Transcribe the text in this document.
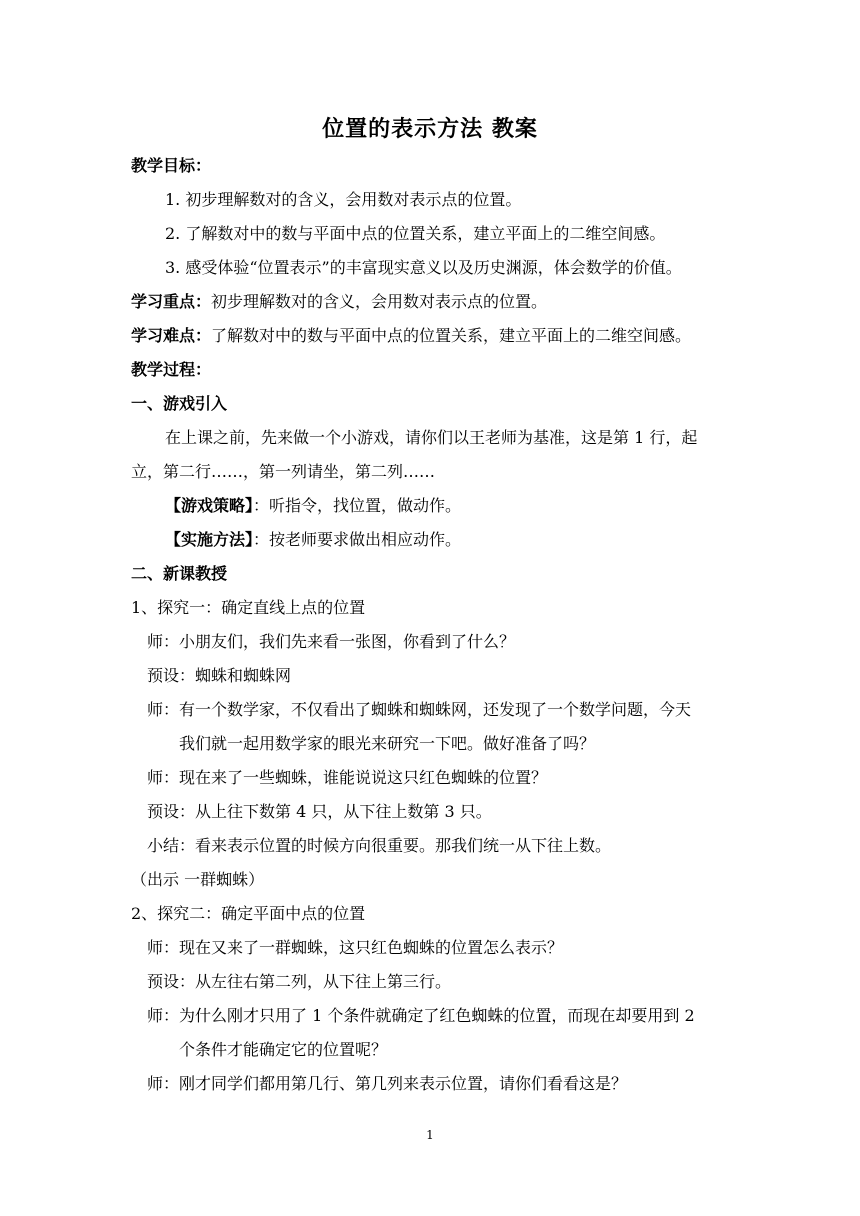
位置的表示方法 教案
教学目标：
1. 初步理解数对的含义，会用数对表示点的位置。
2. 了解数对中的数与平面中点的位置关系，建立平面上的二维空间感。
3. 感受体验“位置表示”的丰富现实意义以及历史渊源，体会数学的价值。
学习重点：初步理解数对的含义，会用数对表示点的位置。
学习难点：了解数对中的数与平面中点的位置关系，建立平面上的二维空间感。
教学过程：
一、游戏引入
在上课之前，先来做一个小游戏，请你们以王老师为基准，这是第 1 行，起
立，第二行……，第一列请坐，第二列……
【游戏策略】：听指令，找位置，做动作。
【实施方法】：按老师要求做出相应动作。
二、新课教授
1、探究一：确定直线上点的位置
师：小朋友们，我们先来看一张图，你看到了什么？
预设：蜘蛛和蜘蛛网
师：有一个数学家，不仅看出了蜘蛛和蜘蛛网，还发现了一个数学问题，今天
我们就一起用数学家的眼光来研究一下吧。做好准备了吗？
师：现在来了一些蜘蛛，谁能说说这只红色蜘蛛的位置？
预设：从上往下数第 4 只，从下往上数第 3 只。
小结：看来表示位置的时候方向很重要。那我们统一从下往上数。
（出示 一群蜘蛛）
2、探究二：确定平面中点的位置
师：现在又来了一群蜘蛛，这只红色蜘蛛的位置怎么表示？
预设：从左往右第二列，从下往上第三行。
师：为什么刚才只用了 1 个条件就确定了红色蜘蛛的位置，而现在却要用到 2
个条件才能确定它的位置呢？
师：刚才同学们都用第几行、第几列来表示位置，请你们看看这是？
1
